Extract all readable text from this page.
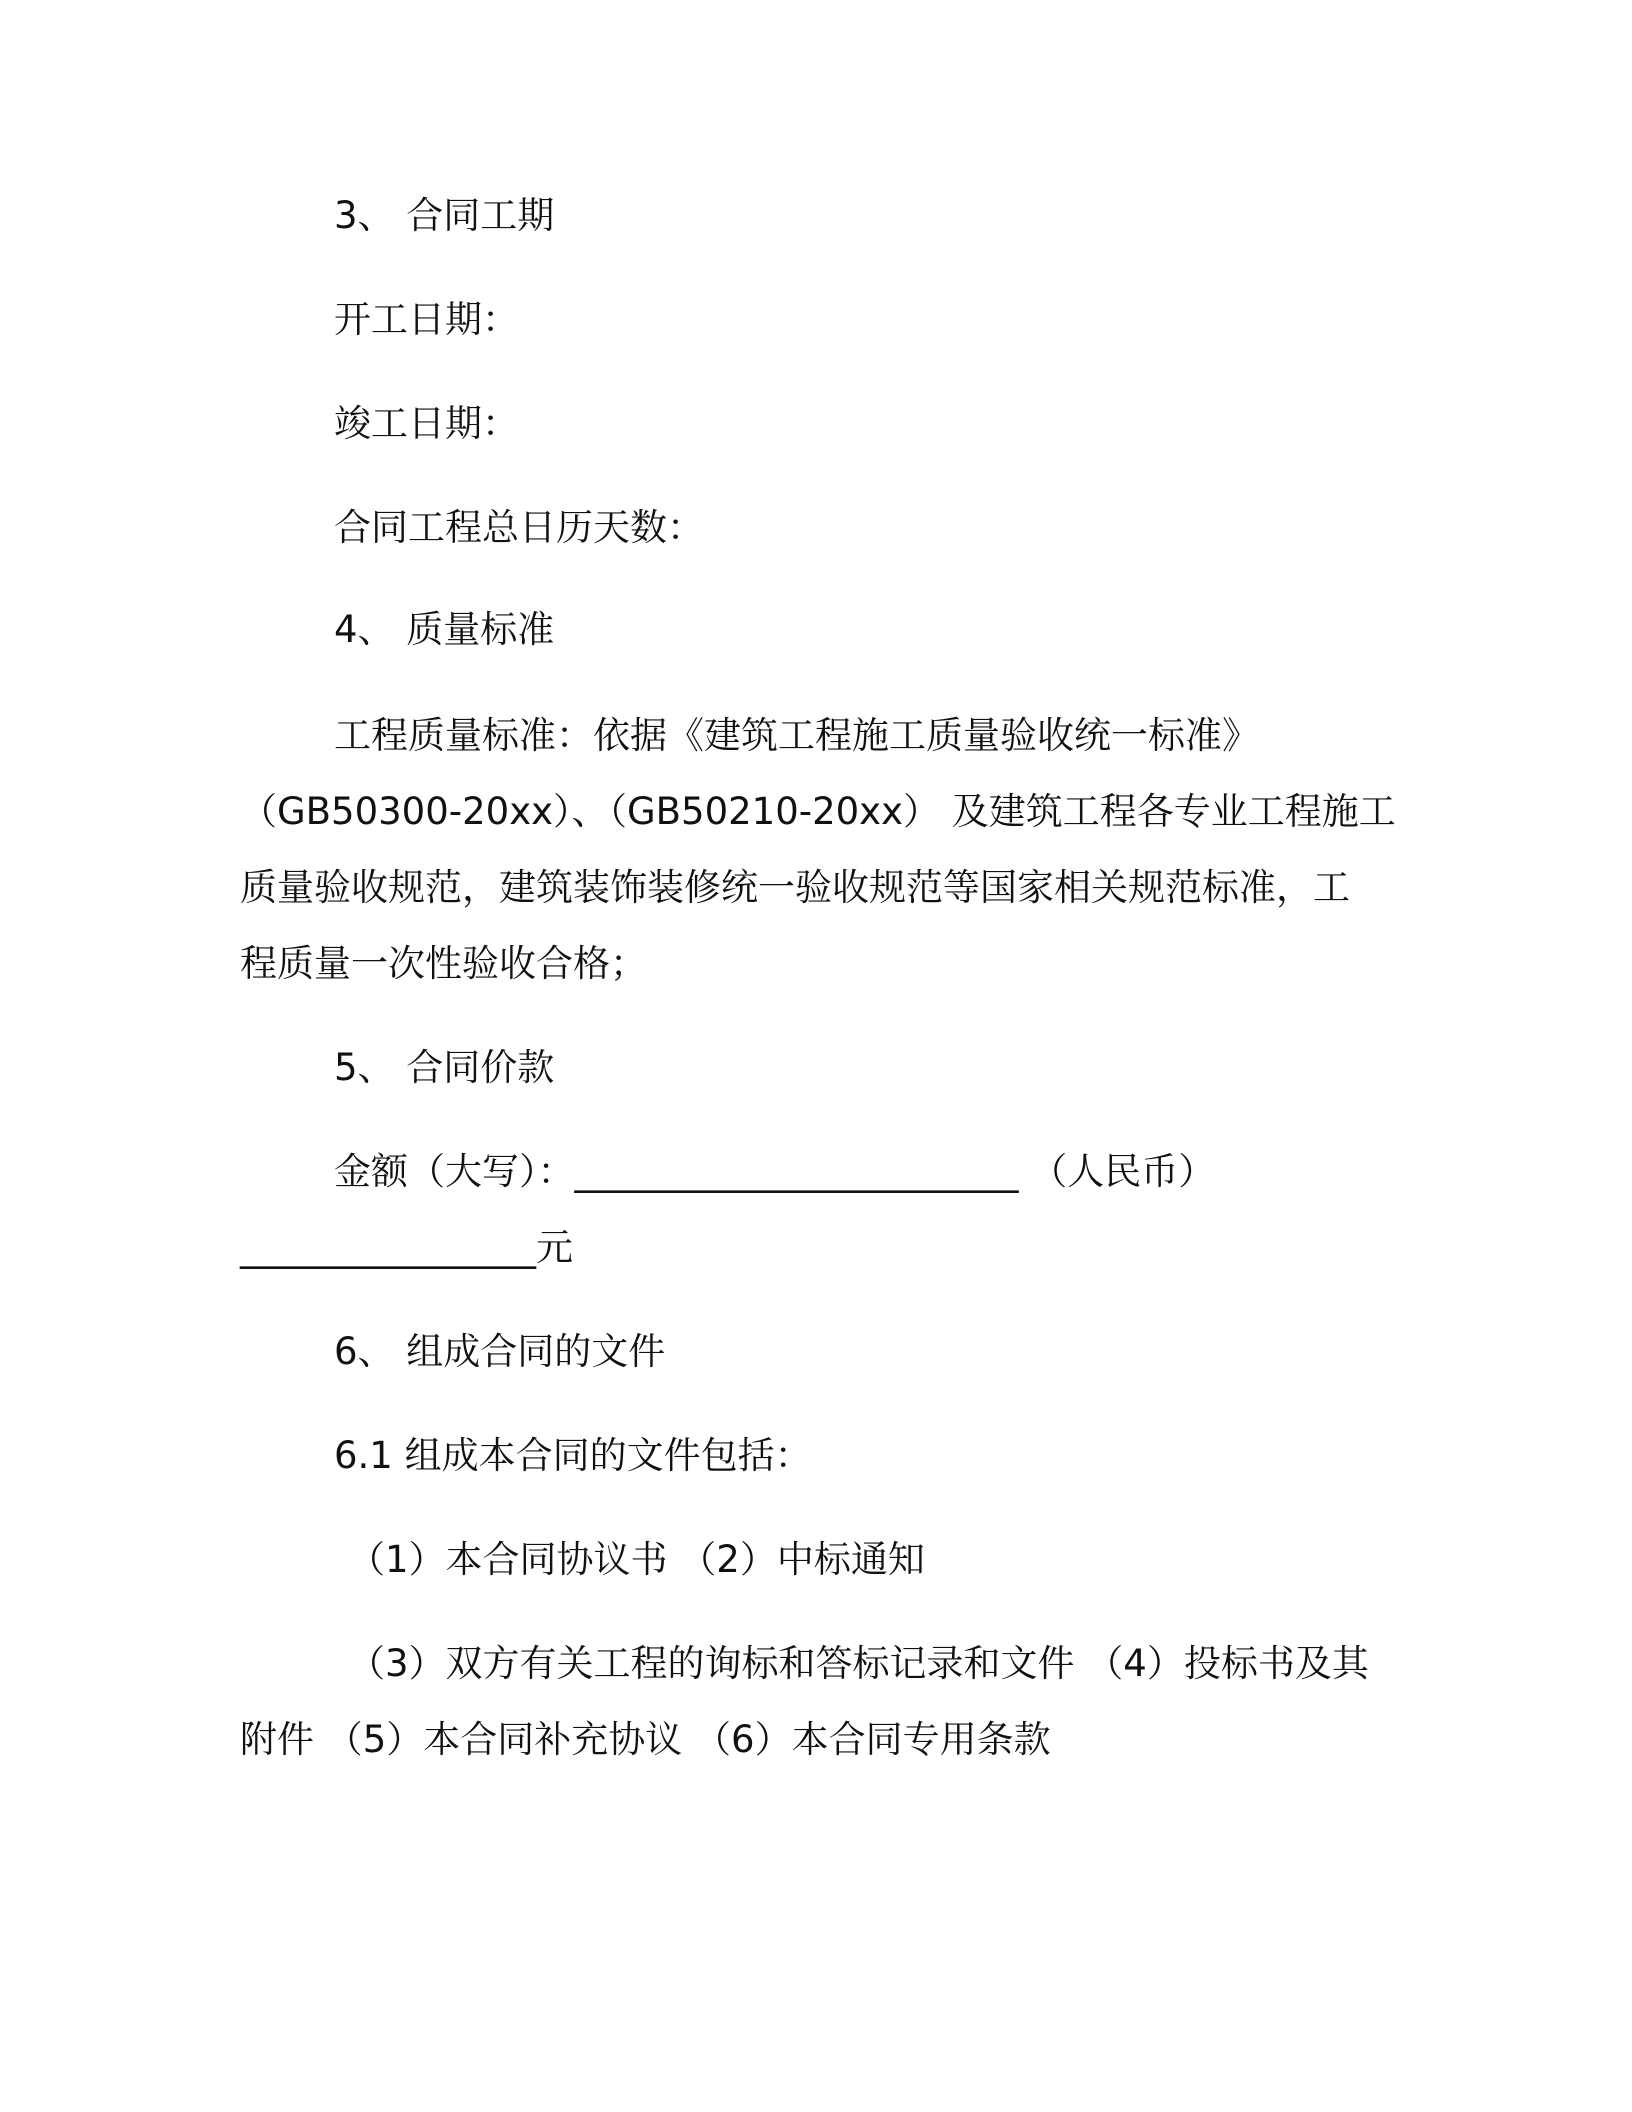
3、 合同工期
开工日期：
竣工日期：
合同工程总日历天数：
4、 质量标准
工程质量标准：依据《建筑工程施工质量验收统一标准》
（GB50300-20xx）、（GB50210-20xx） 及建筑工程各专业工程施工
质量验收规范，建筑装饰装修统一验收规范等国家相关规范标准，工
程质量一次性验收合格；
5、 合同价款
金额（大写）：________________________ （人民币）
________________元
6、 组成合同的文件
6.1 组成本合同的文件包括：
（1）本合同协议书 （2）中标通知
（3）双方有关工程的询标和答标记录和文件 （4）投标书及其
附件 （5）本合同补充协议 （6）本合同专用条款
